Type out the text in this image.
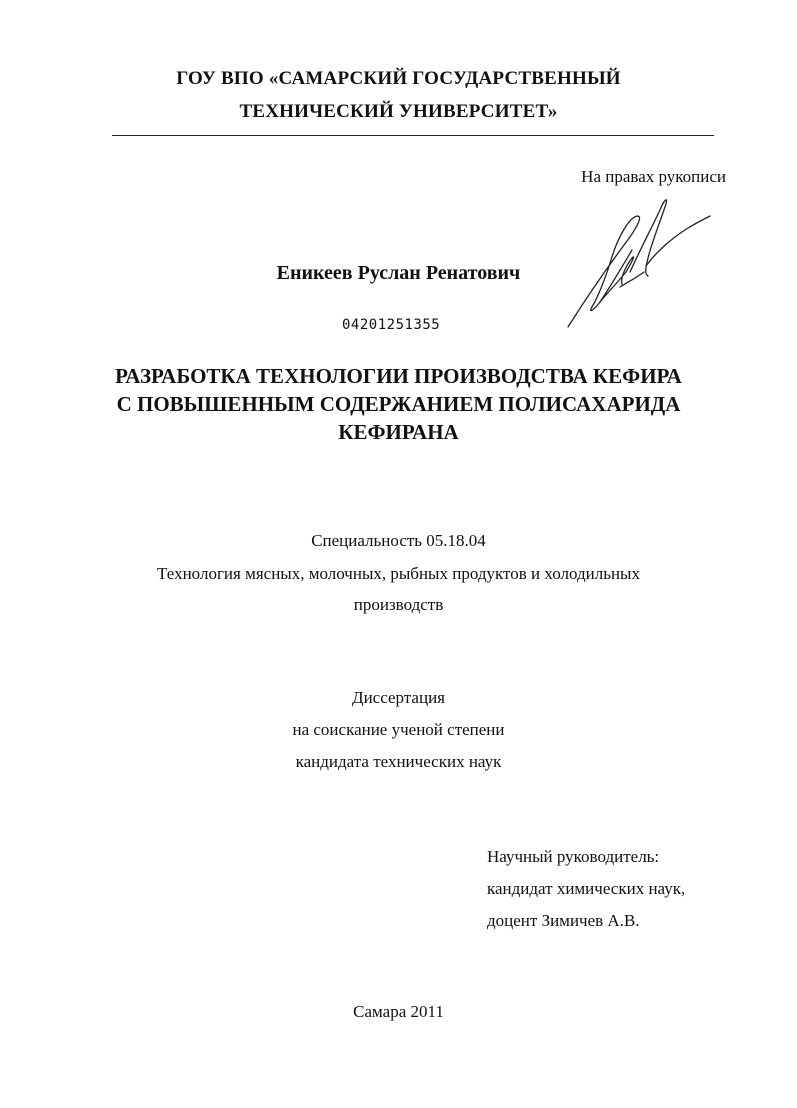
ГОУ ВПО «САМАРСКИЙ ГОСУДАРСТВЕННЫЙ
ТЕХНИЧЕСКИЙ УНИВЕРСИТЕТ»
На правах рукописи
Еникеев Руслан Ренатович
04201251355
РАЗРАБОТКА ТЕХНОЛОГИИ ПРОИЗВОДСТВА КЕФИРА
С ПОВЫШЕННЫМ СОДЕРЖАНИЕМ ПОЛИСАХАРИДА
КЕФИРАНА
Специальность 05.18.04
Технология мясных, молочных, рыбных продуктов и холодильных
производств
Диссертация
на соискание ученой степени
кандидата технических наук
Научный руководитель:
кандидат химических наук,
доцент Зимичев А.В.
Самара 2011
